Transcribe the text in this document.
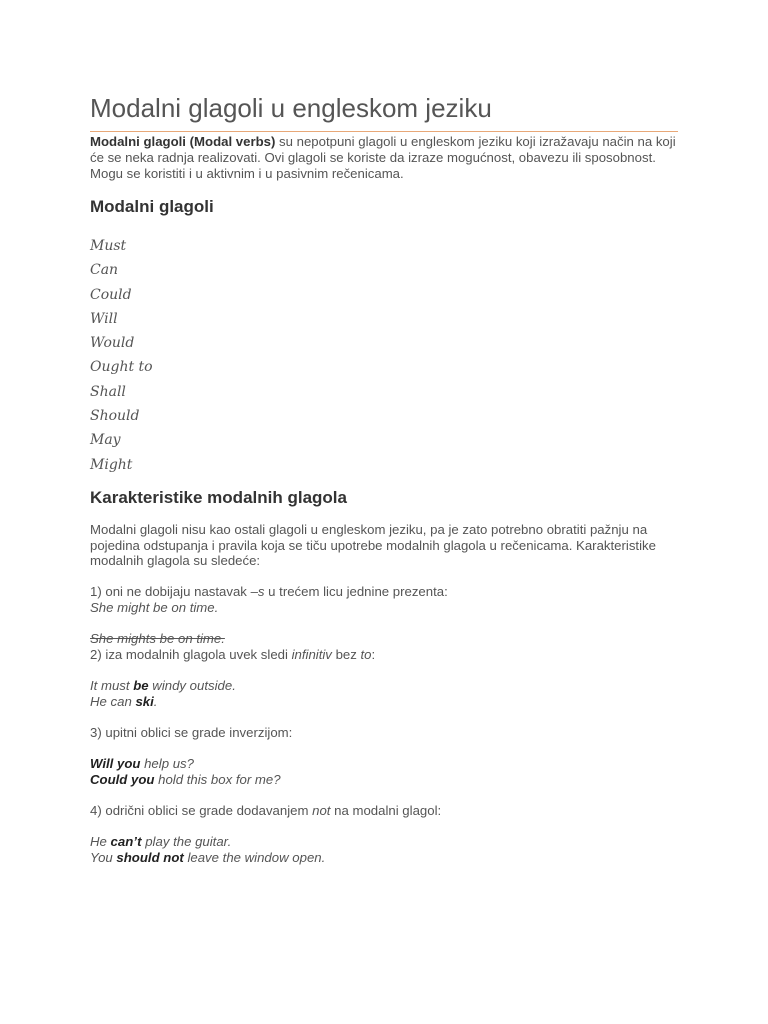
Modalni glagoli u engleskom jeziku

Modalni glagoli (Modal verbs) su nepotpuni glagoli u engleskom jeziku koji izražavaju način na koji će se neka radnja realizovati. Ovi glagoli se koriste da izraze mogućnost, obavezu ili sposobnost. Mogu se koristiti i u aktivnim i u pasivnim rečenicama.

Modalni glagoli
Must
Can
Could
Will
Would
Ought to
Shall
Should
May
Might
Karakteristike modalnih glagola

Modalni glagoli nisu kao ostali glagoli u engleskom jeziku, pa je zato potrebno obratiti pažnju na pojedina odstupanja i pravila koja se tiču upotrebe modalnih glagola u rečenicama. Karakteristike modalnih glagola su sledeće:

1) oni ne dobijaju nastavak –s u trećem licu jednine prezenta:

She might be on time.

She mights be on time.

2) iza modalnih glagola uvek sledi infinitiv bez to:

It must be windy outside.

He can ski.

3) upitni oblici se grade inverzijom:

Will you help us?

Could you hold this box for me?

4) odrični oblici se grade dodavanjem not na modalni glagol:

He can’t play the guitar.

You should not leave the window open.
